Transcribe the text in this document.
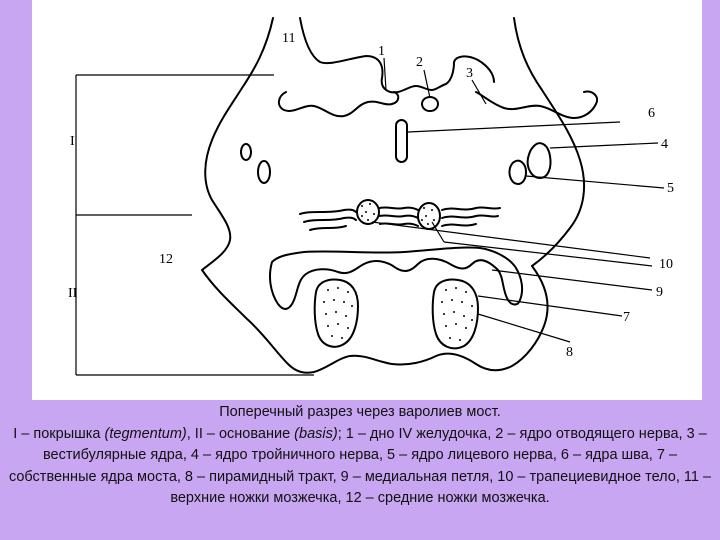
11
1
2
3
6
4
5
10
9
7
8
12
I
II

Поперечный разрез через варолиев мост.

I – покрышка (tegmentum), II – основание (basis); 1 – дно IV желудочка, 2 – ядро отводящего нерва, 3 – вестибулярные ядра, 4 – ядро тройничного нерва, 5 – ядро лицевого нерва, 6 – ядра шва, 7 – собственные ядра моста, 8 – пирамидный тракт, 9 – медиальная петля, 10 – трапециевидное тело, 11 – верхние ножки мозжечка, 12 – средние ножки мозжечка.
